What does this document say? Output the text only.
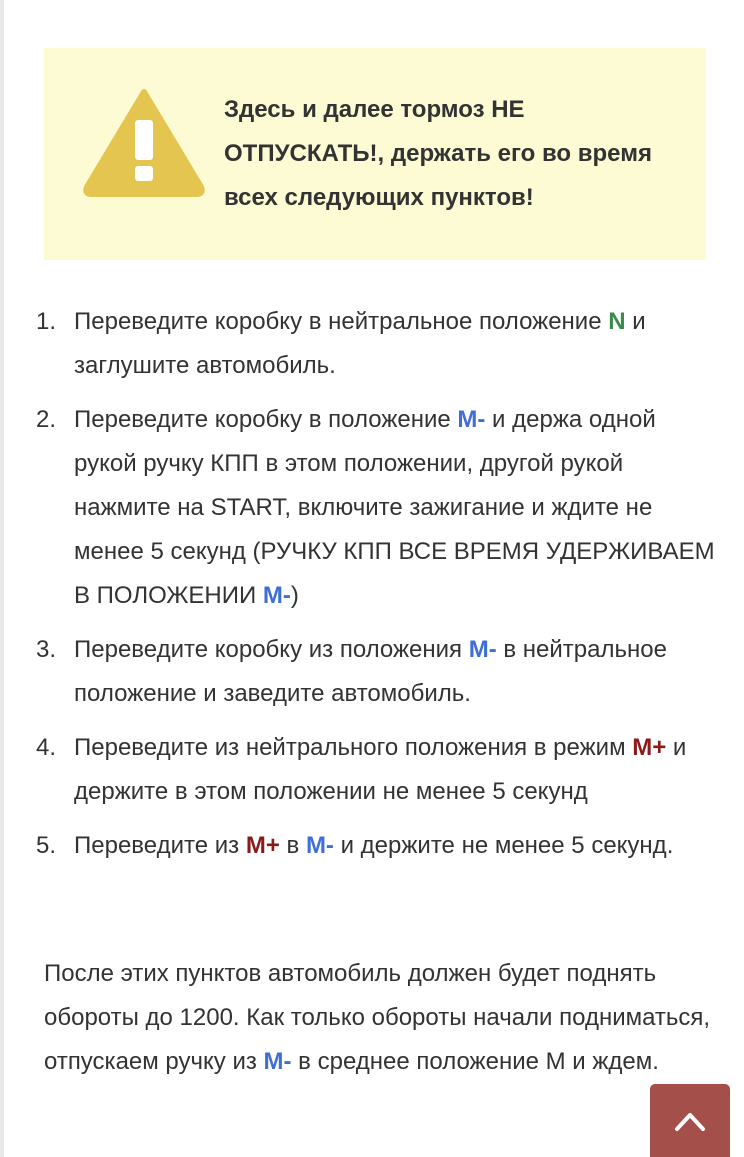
Здесь и далее тормоз НЕ ОТПУСКАТЬ!, держать его во время всех следующих пунктов!
1. Переведите коробку в нейтральное положение N и заглушите автомобиль.
2. Переведите коробку в положение M- и держа одной рукой ручку КПП в этом положении, другой рукой нажмите на START, включите зажигание и ждите не менее 5 секунд (РУЧКУ КПП ВСЕ ВРЕМЯ УДЕРЖИВАЕМ В ПОЛОЖЕНИИ M-)
3. Переведите коробку из положения M- в нейтральное положение и заведите автомобиль.
4. Переведите из нейтрального положения в режим M+ и держите в этом положении не менее 5 секунд
5. Переведите из M+ в M- и держите не менее 5 секунд.

После этих пунктов автомобиль должен будет поднять обороты до 1200. Как только обороты начали подниматься, отпускаем ручку из M- в среднее положение М и ждем.
